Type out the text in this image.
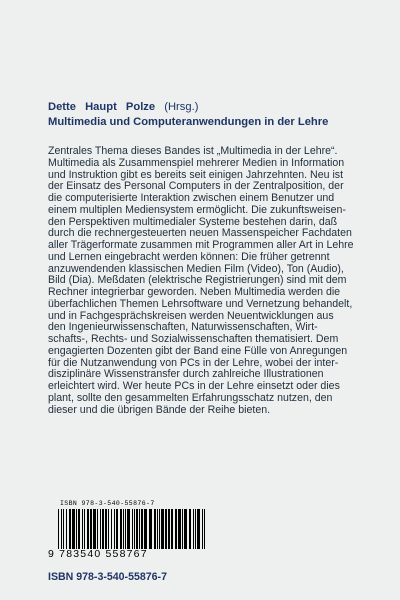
Dette Haupt Polze (Hrsg.)
Multimedia und Computeranwendungen in der Lehre
Zentrales Thema dieses Bandes ist „Multimedia in der Lehre“.
Multimedia als Zusammenspiel mehrerer Medien in Information
und Instruktion gibt es bereits seit einigen Jahrzehnten. Neu ist
der Einsatz des Personal Computers in der Zentralposition, der
die computerisierte Interaktion zwischen einem Benutzer und
einem multiplen Mediensystem ermöglicht. Die zukunftsweisen-
den Perspektiven multimedialer Systeme bestehen darin, daß
durch die rechnergesteuerten neuen Massenspeicher Fachdaten
aller Trägerformate zusammen mit Programmen aller Art in Lehre
und Lernen eingebracht werden können: Die früher getrennt
anzuwendenden klassischen Medien Film (Video), Ton (Audio),
Bild (Dia). Meßdaten (elektrische Registrierungen) sind mit dem
Rechner integrierbar geworden. Neben Multimedia werden die
überfachlichen Themen Lehrsoftware und Vernetzung behandelt,
und in Fachgesprächskreisen werden Neuentwicklungen aus
den Ingenieurwissenschaften, Naturwissenschaften, Wirt-
schafts-, Rechts- und Sozialwissenschaften thematisiert. Dem
engagierten Dozenten gibt der Band eine Fülle von Anregungen
für die Nutzanwendung von PCs in der Lehre, wobei der inter-
disziplinäre Wissenstransfer durch zahlreiche Illustrationen
erleichtert wird. Wer heute PCs in der Lehre einsetzt oder dies
plant, sollte den gesammelten Erfahrungsschatz nutzen, den
dieser und die übrigen Bände der Reihe bieten.
ISBN 978-3-540-55876-7
9 783540 558767
ISBN 978-3-540-55876-7
